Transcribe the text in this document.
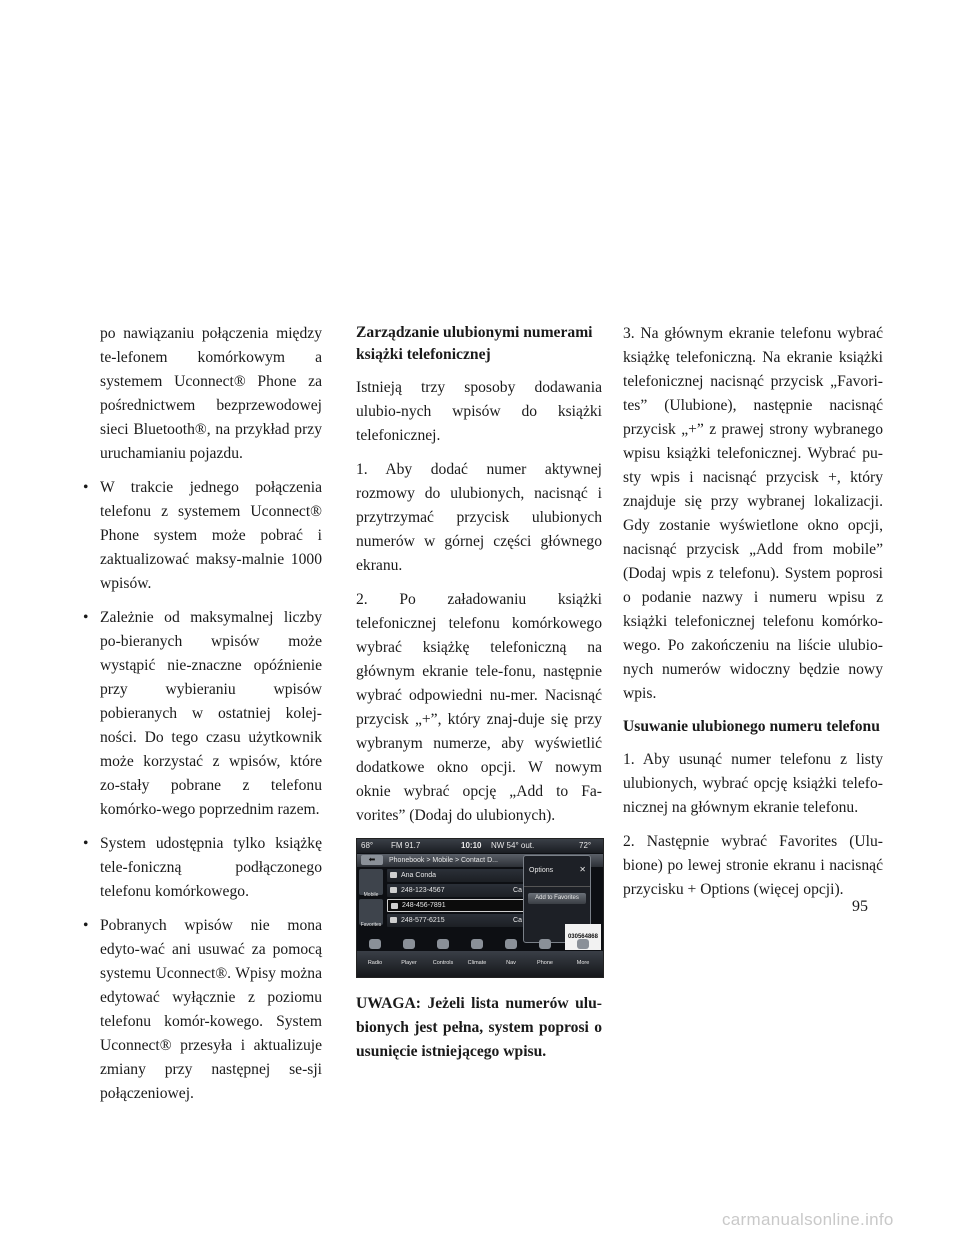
po nawiązaniu połączenia między te-lefonem komórkowym a systemem Uconnect® Phone za pośrednictwem bezprzewodowej sieci Bluetooth®, na przykład przy uruchamianiu pojazdu.

• W trakcie jednego połączenia telefonu z systemem Uconnect® Phone system może pobrać i zaktualizować maksy-malnie 1000 wpisów.
• Zależnie od maksymalnej liczby po-bieranych wpisów może wystąpić nie-znaczne opóźnienie przy wybieraniu wpisów pobieranych w ostatniej kolej-ności. Do tego czasu użytkownik może korzystać z wpisów, które zo-stały pobrane z telefonu komórko-wego poprzednim razem.
• System udostępnia tylko książkę tele-foniczną podłączonego telefonu komórkowego.
• Pobranych wpisów nie mona edyto-wać ani usuwać za pomocą systemu Uconnect®. Wpisy można edytować wyłącznie z poziomu telefonu komór-kowego. System Uconnect® przesyła i aktualizuje zmiany przy następnej se-sji połączeniowej.
Zarządzanie ulubionymi numerami książki telefonicznej

Istnieją trzy sposoby dodawania ulubio-nych wpisów do książki telefonicznej.

1. Aby dodać numer aktywnej rozmowy do ulubionych, nacisnąć i przytrzymać przycisk ulubionych numerów w górnej części głównego ekranu.

2. Po załadowaniu książki telefonicznej telefonu komórkowego wybrać książkę telefoniczną na głównym ekranie tele-fonu, następnie wybrać odpowiedni nu-mer. Nacisnąć przycisk „+”, który znaj-duje się przy wybranym numerze, aby wyświetlić dodatkowe okno opcji. W nowym oknie wybrać opcję „Add to Fa-vorites” (Dodaj do ulubionych).

68° FM 91.7	10:10 NW 54° out.	72°
⬅	Phonebook > Mobile > Contact D...
Mobile
Favorites
Ana Conda
248-123-4567	Ca
248-456-7891
248-577-6215	Ca
Options	✕
Add to Favorites
030564868
Radio	Player	Controls	Climate	Nav	Phone	More

UWAGA: Jeżeli lista numerów ulu-bionych jest pełna, system poprosi o usunięcie istniejącego wpisu.

3. Na głównym ekranie telefonu wybrać książkę telefoniczną. Na ekranie książki telefonicznej nacisnąć przycisk „Favori-tes” (Ulubione), następnie nacisnąć przycisk „+” z prawej strony wybranego wpisu książki telefonicznej. Wybrać pu-sty wpis i nacisnąć przycisk +, który znajduje się przy wybranej lokalizacji. Gdy zostanie wyświetlone okno opcji, nacisnąć przycisk „Add from mobile” (Dodaj wpis z telefonu). System poprosi o podanie nazwy i numeru wpisu z książki telefonicznej telefonu komórko-wego. Po zakończeniu na liście ulubio-nych numerów widoczny będzie nowy wpis.

Usuwanie ulubionego numeru telefonu

1. Aby usunąć numer telefonu z listy ulubionych, wybrać opcję książki telefo-nicznej na głównym ekranie telefonu.

2. Następnie wybrać Favorites (Ulu-bione) po lewej stronie ekranu i nacisnąć przycisku + Options (więcej opcji).

95
carmanualsonline.info
